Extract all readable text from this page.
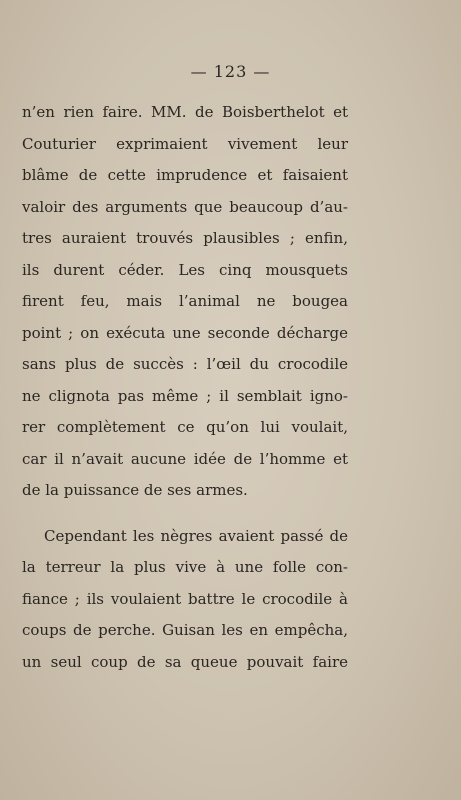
— 123 —
n’en rien faire. MM. de Boisberthelot et
Couturier exprimaient vivement leur
blâme de cette imprudence et faisaient
valoir des arguments que beaucoup d’au-
tres auraient trouvés plausibles ; enfin,
ils durent céder. Les cinq mousquets
firent feu, mais l’animal ne bougea
point ; on exécuta une seconde décharge
sans plus de succès : l’œil du crocodile
ne clignota pas même ; il semblait igno-
rer complètement ce qu’on lui voulait,
car il n’avait aucune idée de l’homme et
de la puissance de ses armes.
Cependant les nègres avaient passé de
la terreur la plus vive à une folle con-
fiance ; ils voulaient battre le crocodile à
coups de perche. Guisan les en empêcha,
un seul coup de sa queue pouvait faire
